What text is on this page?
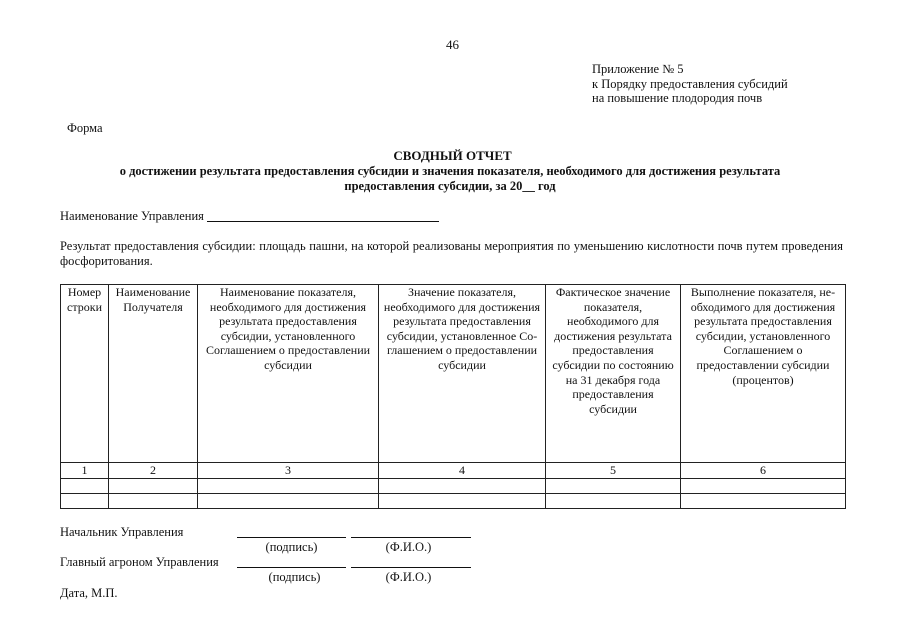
46
Приложение № 5
к Порядку предоставления субсидий
на повышение плодородия почв
Форма
СВОДНЫЙ ОТЧЕТ
о достижении результата предоставления субсидии и значения показателя, необходимого для достижения результата предоставления субсидии, за 20__ год
Наименование Управления
Результат предоставления субсидии: площадь пашни, на которой реализованы мероприятия по уменьшению кислотности почв путем проведения фосфоритования.
Номер строки	Наименование Получателя	Наименование показателя, необходимого для достижения результата предоставления субсидии, установленного Соглашением о предоставлении субсидии	Значение показателя, необходимого для достижения результата предоставления субсидии, установленное Со-глашением о предоставлении субсидии	Фактическое значение показателя, необходимого для достижения результата предоставления субсидии по состоянию на 31 декабря года предоставления субсидии	Выполнение показателя, не-обходимого для достижения результата предоставления субсидии, установленного Соглашением о предоставлении субсидии (процентов)
1	2	3	4	5	6

Начальник Управления
(подпись)	(Ф.И.О.)
Главный агроном Управления
(подпись)	(Ф.И.О.)
Дата, М.П.
